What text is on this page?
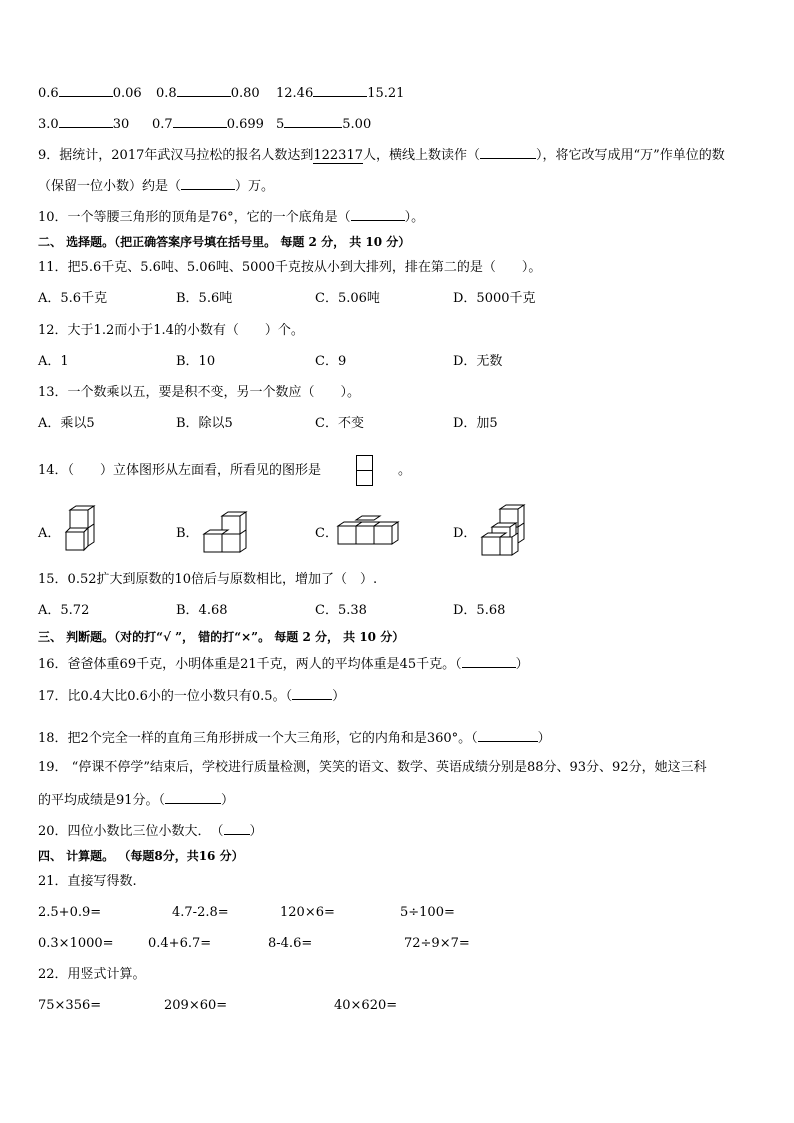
0.6	0.06 0.8	0.80 12.46	15.21
3.0	30 0.7	0.699 5	5.00
9．据统计，2017年武汉马拉松的报名人数达到122317人，横线上数读作（	），将它改写成用“万”作单位的数
（保留一位小数）约是（	）万。
10．一个等腰三角形的顶角是76°，它的一个底角是（	）。
二、 选择题。（把正确答案序号填在括号里。 每题 2 分， 共 10 分）
11．把5.6千克、5.6吨、5.06吨、5000千克按从小到大排列，排在第二的是（　　）。
A．5.6千克	B．5.6吨	C．5.06吨	D．5000千克
12．大于1.2而小于1.4的小数有（　　）个。
A．1	B．10	C．9	D．无数
13．一个数乘以五，要是积不变，另一个数应（　　）。
A．乘以5	B．除以5	C．不变	D．加5
14．（　　）立体图形从左面看，所看见的图形是	。
A．	B．	C．	D．
15．0.52扩大到原数的10倍后与原数相比，增加了（　）.
A．5.72	B．4.68	C．5.38	D．5.68
三、 判断题。（对的打“√ ”， 错的打“×”。 每题 2 分， 共 10 分）
16．爸爸体重69千克，小明体重是21千克，两人的平均体重是45千克。（	）
17．比0.4大比0.6小的一位小数只有0.5。（	）
18．把2个完全一样的直角三角形拼成一个大三角形，它的内角和是360°。（	）
19． “停课不停学”结束后，学校进行质量检测，笑笑的语文、数学、英语成绩分别是88分、93分、92分，她这三科
的平均成绩是91分。（	）
20．四位小数比三位小数大．　（ ）
四、 计算题。 （每题8分，共16 分）
21．直接写得数.
2.5+0.9=	4.7-2.8=	120×6=	5÷100=
0.3×1000=	0.4+6.7=	8-4.6=	72÷9×7=
22．用竖式计算。
75×356=	209×60=	40×620=
